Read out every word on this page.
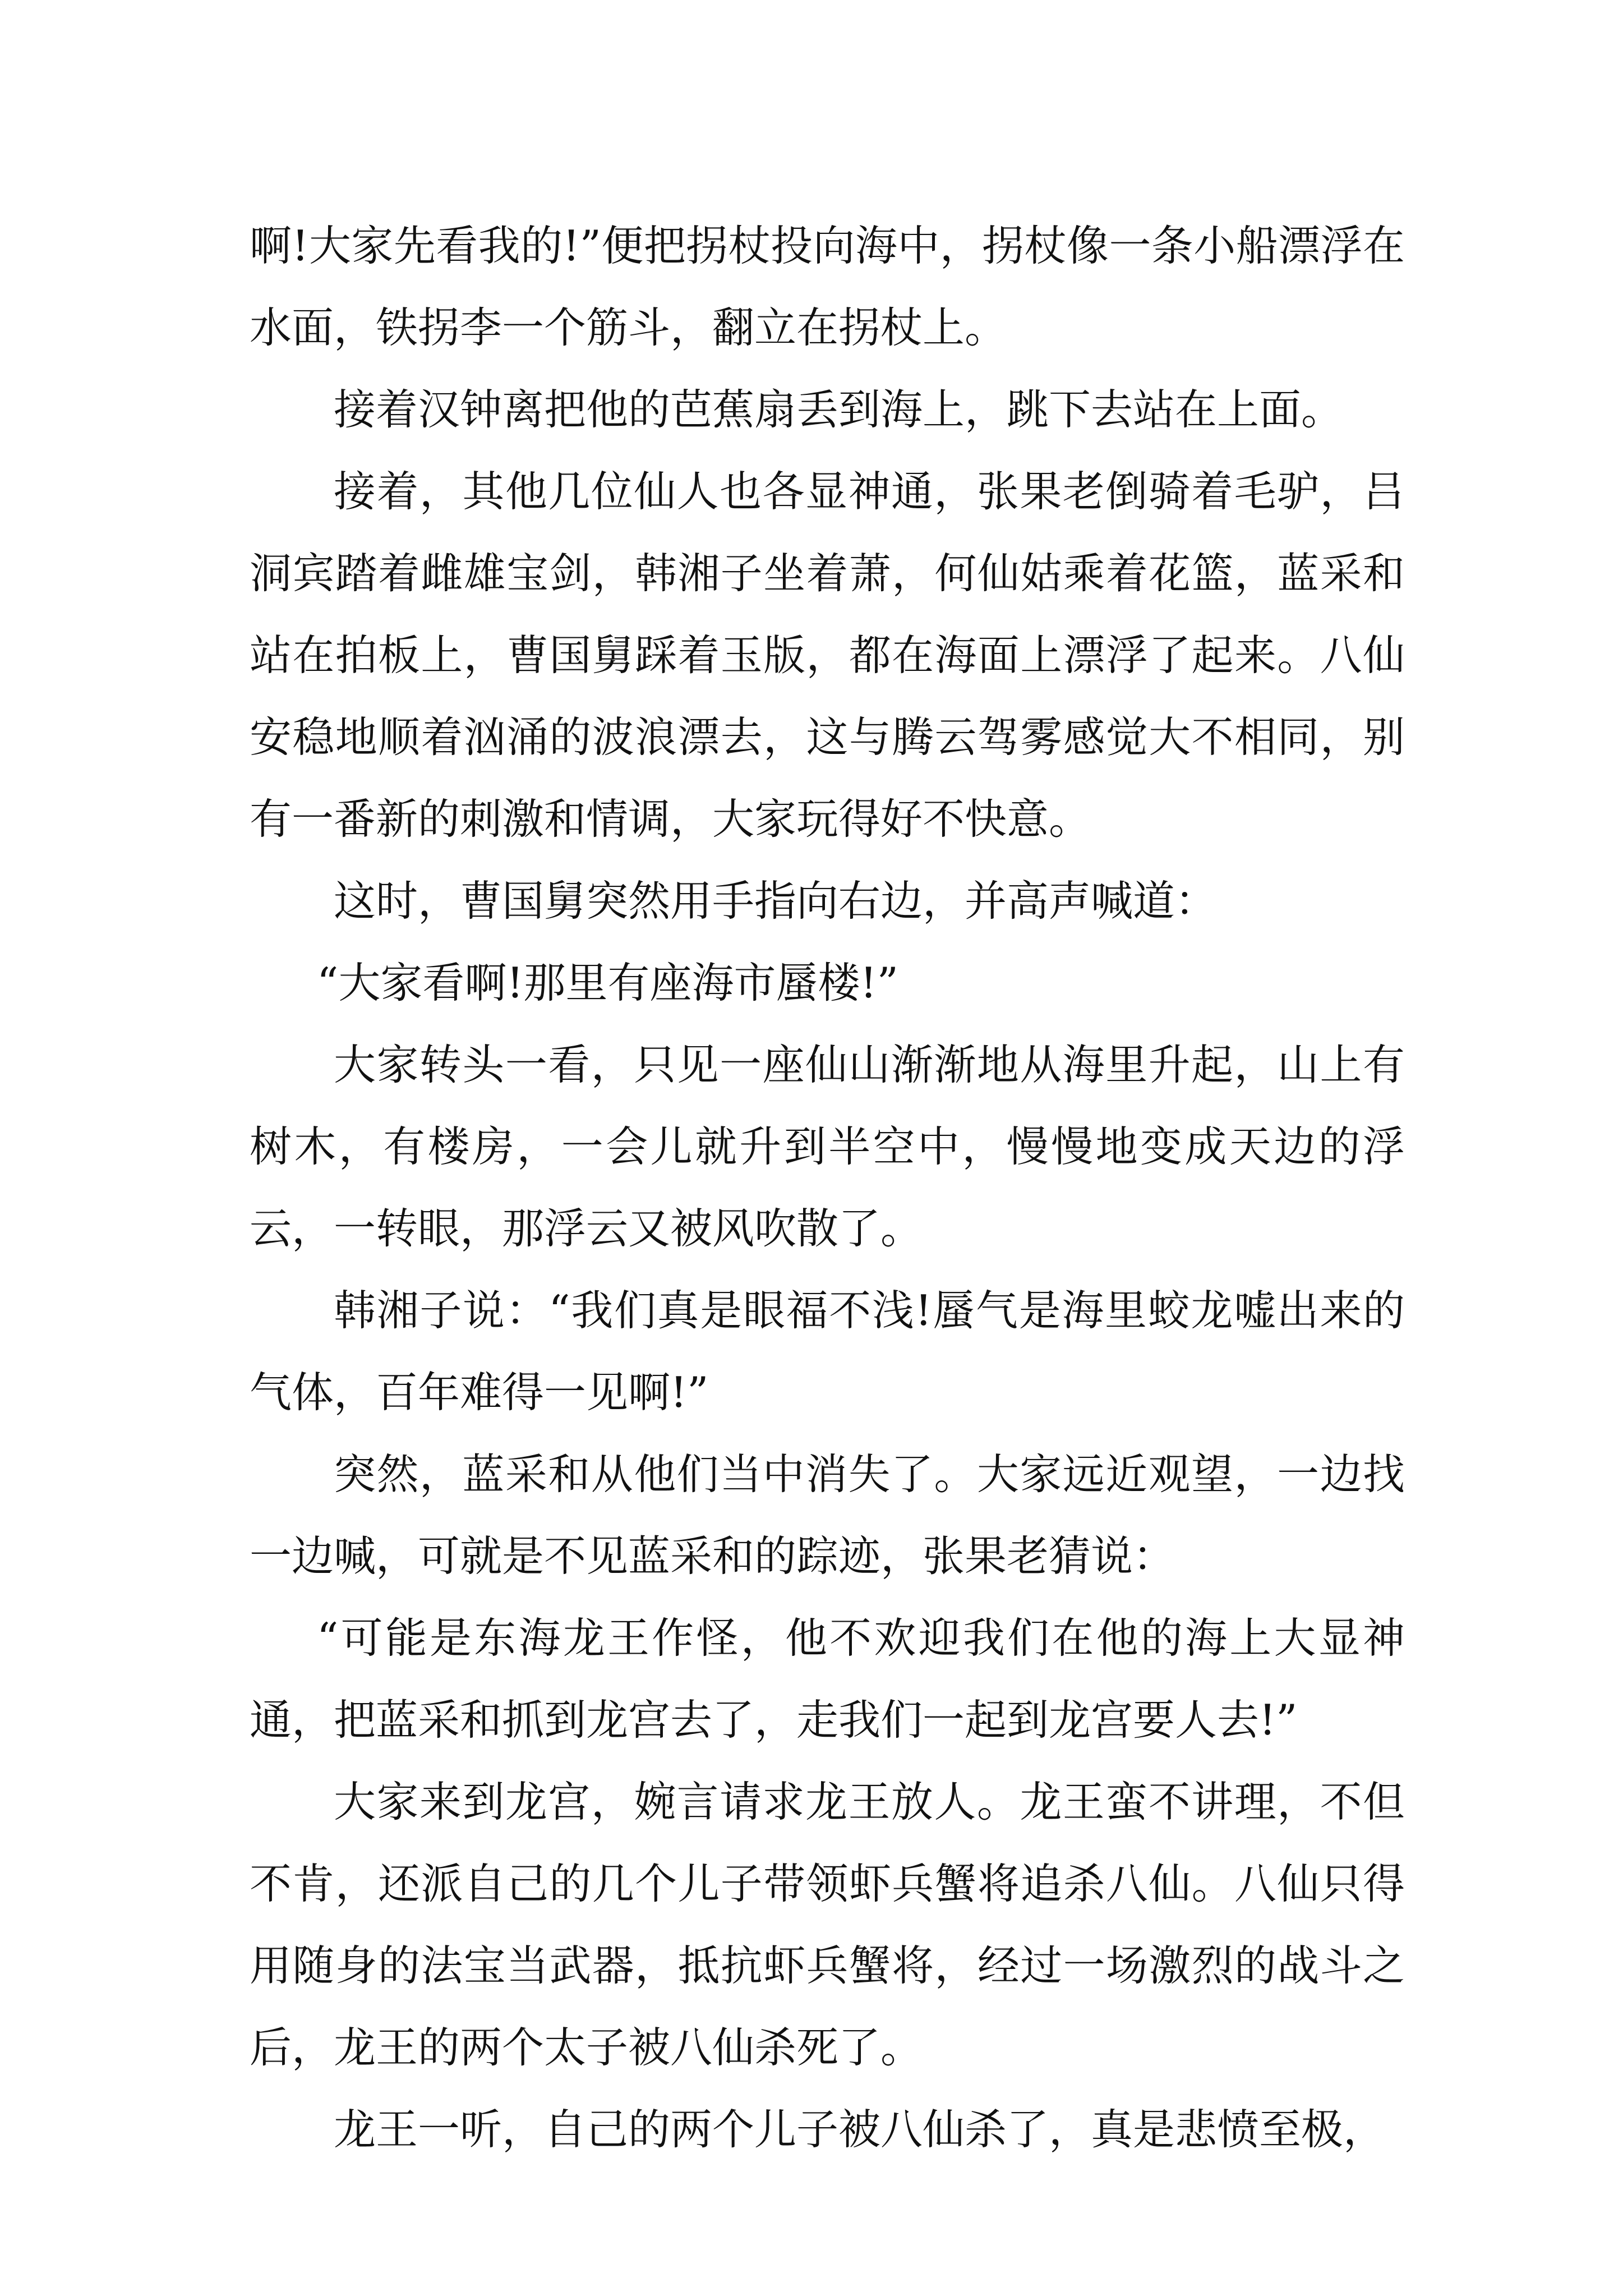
啊!大家先看我的!”便把拐杖投向海中，拐杖像一条小船漂浮在水面，铁拐李一个筋斗，翻立在拐杖上。

接着汉钟离把他的芭蕉扇丢到海上，跳下去站在上面。

接着，其他几位仙人也各显神通，张果老倒骑着毛驴，吕洞宾踏着雌雄宝剑，韩湘子坐着萧，何仙姑乘着花篮，蓝采和站在拍板上，曹国舅踩着玉版，都在海面上漂浮了起来。八仙安稳地顺着汹涌的波浪漂去，这与腾云驾雾感觉大不相同，别有一番新的刺激和情调，大家玩得好不快意。

这时，曹国舅突然用手指向右边，并高声喊道：

“大家看啊!那里有座海市蜃楼!”

大家转头一看，只见一座仙山渐渐地从海里升起，山上有树木，有楼房，一会儿就升到半空中，慢慢地变成天边的浮云，一转眼，那浮云又被风吹散了。

韩湘子说：“我们真是眼福不浅!蜃气是海里蛟龙嘘出来的气体，百年难得一见啊!”

突然，蓝采和从他们当中消失了。大家远近观望，一边找一边喊，可就是不见蓝采和的踪迹，张果老猜说：

“可能是东海龙王作怪，他不欢迎我们在他的海上大显神通，把蓝采和抓到龙宫去了，走我们一起到龙宫要人去!”

大家来到龙宫，婉言请求龙王放人。龙王蛮不讲理，不但不肯，还派自己的几个儿子带领虾兵蟹将追杀八仙。八仙只得用随身的法宝当武器，抵抗虾兵蟹将，经过一场激烈的战斗之后，龙王的两个太子被八仙杀死了。

龙王一听，自己的两个儿子被八仙杀了，真是悲愤至极，
